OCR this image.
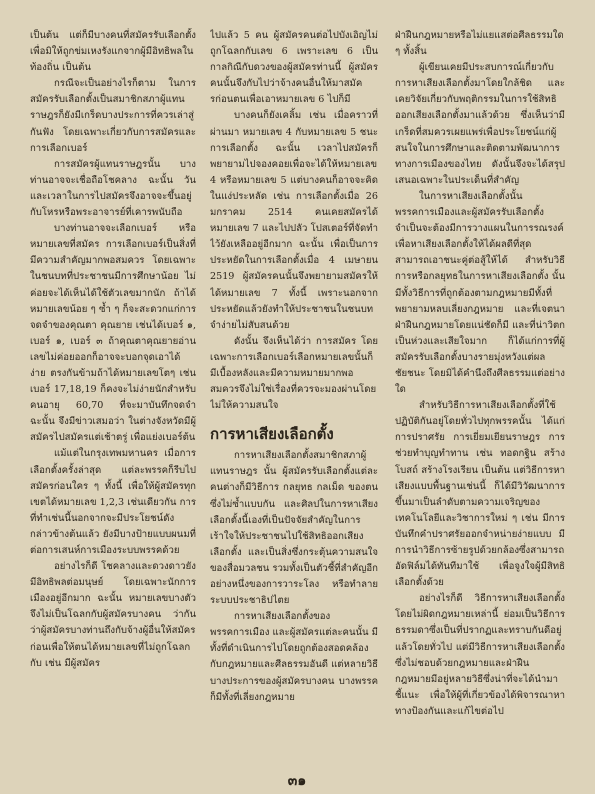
เป็นต้น แต่ก็มีบางคนที่สมัครรับเลือกตั้งเพื่อมิให้ถูกข่มเหงรังแกจากผู้มีอิทธิพลในท้องถิ่น เป็นต้น

กรณีจะเป็นอย่างไรก็ตาม ในการสมัครรับเลือกตั้งเป็นสมาชิกสภาผู้แทนราษฎรก็ยังมีเกร็ดบางประการที่ควรเล่าสู่กันฟัง โดยเฉพาะเกี่ยวกับการสมัครและการเลือกเบอร์

การสมัครผู้แทนราษฎรนั้น บางท่านอาจจะเชื่อถือโชคลาง ฉะนั้น วันและเวลาในการไปสมัครจึงอาจจะขึ้นอยู่กับโหรหรือพระอาจารย์ที่เคารพนับถือ

บางท่านอาจจะเลือกเบอร์ หรือหมายเลขที่สมัคร การเลือกเบอร์เป็นสิ่งที่มีความสำคัญมากพอสมควร โดยเฉพาะในชนบทที่ประชาชนมีการศึกษาน้อย ไม่ค่อยจะได้เห็นได้ใช้ตัวเลขมากนัก ถ้าได้หมายเลขน้อย ๆ ซ้ำ ๆ ก็จะสะดวกแก่การจดจำของคุณตา คุณยาย เช่นได้เบอร์ ๑, เบอร์ ๑, เบอร์ ๓ ถ้าคุณตาคุณยายอ่านเลขไม่ค่อยออกก็อาจจะบอกจุดเอาได้ง่าย ตรงกันข้ามถ้าได้หมายเลขโตๆ เช่น เบอร์ 17,18,19 ก็คงจะไม่ง่ายนักสำหรับคนอายุ 60,70 ที่จะมาบันทึกจดจำ ฉะนั้น จึงมีข่าวเสมอว่า ในต่างจังหวัดมีผู้สมัครไปสมัครแต่เช้าตรู่ เพื่อแย่งเบอร์ต้น

แม้แต่ในกรุงเทพมหานคร เมื่อการเลือกตั้งครั้งล่าสุด แต่ละพรรคก็รีบไปสมัครก่อนใคร ๆ ทั้งนี้ เพื่อให้ผู้สมัครทุกเขตได้หมายเลข 1,2,3 เช่นเดียวกัน การที่ทำเช่นนี้นอกจากจะมีประโยชน์ดังกล่าวข้างต้นแล้ว ยังมีบางป้ายแบบผนมที่ต่อการเสนห์การเมืองระบบพรรคด้วย

อย่างไรก็ดี โชคลางและดวงดาวยังมีอิทธิพลต่อมนุษย์ โดยเฉพาะนักการเมืองอยู่อีกมาก ฉะนั้น หมายเลขบางตัวจึงไม่เป็นโฉลกกับผู้สมัครบางคน ว่ากันว่าผู้สมัครบางท่านถึงกับจ้างผู้อื่นให้สมัครก่อนเพื่อให้ตนได้หมายเลขที่ไม่ถูกโฉลกกับ เช่น มีผู้สมัคร

ไปแล้ว 5 คน ผู้สมัครคนต่อไปบังเอิญไม่ถูกโฉลกกับเลข 6 เพราะเลข 6 เป็นกาลกิณีกับดวงของผู้สมัครท่านนี้ ผู้สมัครคนนั้นจึงกับไปว่าจ้างคนอื่นให้มาสมัครก่อนตนเพื่อเอาหมายเลข 6 ไปก็มี

บางคนก็ยังเคลิ้ม เช่น เมื่อคราวที่ผ่านมา หมายเลข 4 กับหมายเลข 5 ชนะการเลือกตั้ง ฉะนั้น เวลาไปสมัครก็พยายามไปจองคอยเพื่อจะได้ให้หมายเลข 4 หรือหมายเลข 5 แต่บางคนก็อาจจะคิดในแง่ประหลัด เช่น การเลือกตั้งเมื่อ 26 มกราคม 2514 คนเคยสมัครได้หมายเลข 7 และไปปลัว โปสเตอร์ที่จัดทำไว้ยังเหลืออยู่อีกมาก ฉะนั้น เพื่อเป็นการประหยัดในการเลือกตั้งเมื่อ 4 เมษายน 2519 ผู้สมัครคนนั้นจึงพยายามสมัครให้ได้หมายเลข 7 ทั้งนี้ เพราะนอกจากประหยัดแล้วยังทำให้ประชาชนในชนบทจำง่ายไม่สับสนด้วย

ดังนั้น จึงเห็นได้ว่า การสมัคร โดยเฉพาะการเลือกเบอร์เลือกหมายเลขนั้นก็มีเบื้องหลังและมีความหมายมากพอสมควรจึงไม่ใช่เรื่องที่ควรจะมองผ่านโดยไม่ให้ความสนใจ

การหาเสียงเลือกตั้ง

การหาเสียงเลือกตั้งสมาชิกสภาผู้แทนราษฎร นั้น ผู้สมัครรับเลือกตั้งแต่ละคนต่างก็มีวิธีการ กลยุทธ กลเม็ด ของตน ซึ่งไม่ซ้ำแบบกัน และศิลปในการหาเสียงเลือกตั้งนี้เองที่เป็นปัจจัยสำคัญในการเร้าใจให้ประชาชนไปใช้สิทธิออกเสียงเลือกตั้ง และเป็นสิ่งซึ่งกระตุ้นความสนใจของสื่อมวลชน รวมทั้งเป็นตัวชี้ที่สำคัญอีกอย่างหนึ่งของการวาระโลง หรือทำลายระบบประชาธิปไตย

การหาเสียงเลือกตั้งของพรรคการเมือง และผู้สมัครแต่ละคนนั้น มีทั้งที่ดำเนินการไปโดยถูกต้องสอดคล้องกับกฎหมายและศีลธรรมอันดี แต่หลายวิธีบางประการของผู้สมัครบางคน บางพรรคก็มีทั้งที่เลี่ยงกฎหมาย

ฝ่าฝืนกฎหมายหรือไม่แยแสต่อศีลธรรมใด ๆ ทั้งสิ้น

ผู้เขียนเคยมีประสบการณ์เกี่ยวกับการหาเสียงเลือกตั้งมาโดยใกล้ชิด และเคยวิจัยเกี่ยวกับพฤติกรรมในการใช้สิทธิออกเสียงเลือกตั้งมาแล้วด้วย ซึ่งเห็นว่ามีเกร็ดที่สมควรเผยแพร่เพื่อประโยชน์แก่ผู้สนใจในการศึกษาและติดตามพัฒนาการทางการเมืองของไทย ดังนั้นจึงจะได้สรุปเสนอเฉพาะในประเด็นที่สำคัญ

ในการหาเสียงเลือกตั้งนั้น พรรคการเมืองและผู้สมัครรับเลือกตั้งจำเป็นจะต้องมีการวางแผนในการรณรงค์เพื่อหาเสียงเลือกตั้งให้ได้ผลดีที่สุด สามารถเอาชนะคู่ต่อสู้ให้ได้ สำหรับวิธีการหรือกลยุทธในการหาเสียงเลือกตั้ง นั้น มีทั้งวิธีการที่ถูกต้องตามกฎหมายมีทั้งที่พยายามหลบเลี่ยงกฎหมาย และที่เจตนาฝ่าฝืนกฎหมายโดยแน่ชัดก็มี และที่น่าวิตกเป็นห่วงและเสียใจมาก ก็ได้แก่การที่ผู้สมัครรับเลือกตั้งบางรายมุ่งหวังแต่ผลชัยชนะ โดยมิได้คำนึงถึงศีลธรรมแต่อย่างใด

สำหรับวิธีการหาเสียงเลือกตั้งที่ใช้ปฏิบัติกันอยู่โดยทั่วไปทุกพรรคนั้น ได้แก่การปราศรัย การเยี่ยมเยียนราษฎร การช่วยทำบุญทำทาน เช่น ทอดกฐิน สร้างโบสถ์ สร้างโรงเรียน เป็นต้น แต่วิธีการหาเสียงแบบพื้นฐานเช่นนี้ ก็ได้มีวิวัฒนาการขึ้นมาเป็นลำดับตามความเจริญของเทคโนโลยีและวิชาการใหม่ ๆ เช่น มีการบันทึกคำปราศรัยออกจำหน่ายง่ายแบบ มีการนำวิธีการซ้ายรูปด้วยกล้องซึ่งสามารถอัดฟิล์มได้ทันทีมาใช้ เพื่อจูงใจผู้มีสิทธิเลือกตั้งด้วย

อย่างไรก็ดี วิธีการหาเสียงเลือกตั้งโดยไม่ผิดกฎหมายเหล่านี้ ย่อมเป็นวิธีการธรรมดาซึ่งเป็นที่ปรากฏและทราบกันดีอยู่แล้วโดยทั่วไป แต่มีวิธีการหาเสียงเลือกตั้งซึ่งไม่ชอบด้วยกฎหมายและฝ่าฝืนกฎหมายมีอยู่หลายวิธีซึ่งน่าที่จะได้นำมาชี้แนะ เพื่อให้ผู้ที่เกี่ยวข้องได้พิจารณาหาทางป้องกันและแก้ไขต่อไป

๓๑
